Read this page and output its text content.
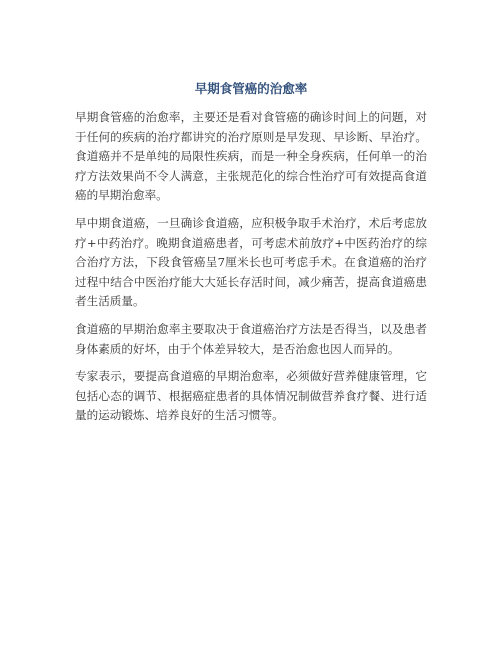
早期食管癌的治愈率

早期食管癌的治愈率，主要还是看对食管癌的确诊时间上的问题，对于任何的疾病的治疗都讲究的治疗原则是早发现、早诊断、早治疗。食道癌并不是单纯的局限性疾病，而是一种全身疾病，任何单一的治疗方法效果尚不令人满意，主张规范化的综合性治疗可有效提高食道癌的早期治愈率。

早中期食道癌，一旦确诊食道癌，应积极争取手术治疗，术后考虑放疗+中药治疗。晚期食道癌患者，可考虑术前放疗+中医药治疗的综合治疗方法，下段食管癌呈7厘米长也可考虑手术。在食道癌的治疗过程中结合中医治疗能大大延长存活时间，减少痛苦，提高食道癌患者生活质量。

食道癌的早期治愈率主要取决于食道癌治疗方法是否得当，以及患者身体素质的好坏，由于个体差异较大，是否治愈也因人而异的。

专家表示，要提高食道癌的早期治愈率，必须做好营养健康管理，它包括心态的调节、根据癌症患者的具体情况制做营养食疗餐、进行适量的运动锻炼、培养良好的生活习惯等。
